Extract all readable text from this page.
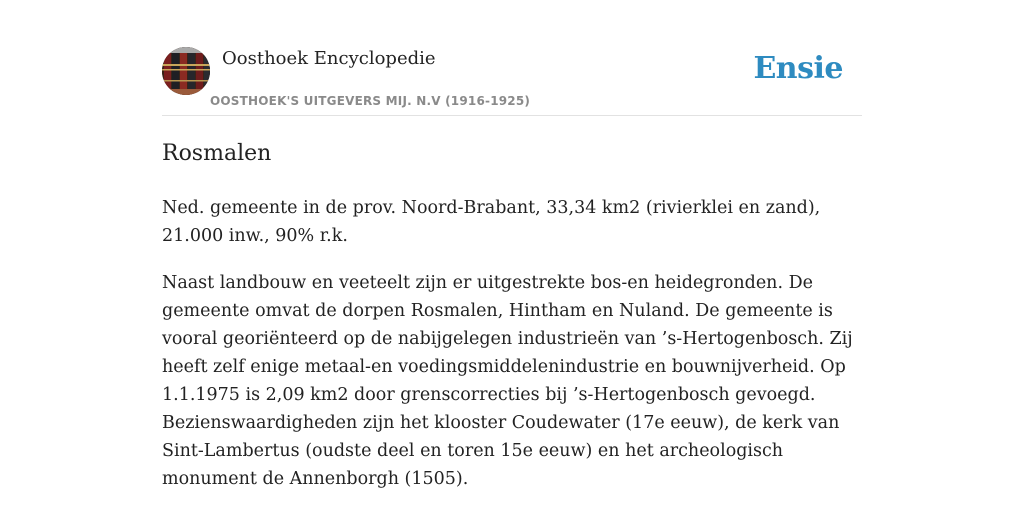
Oosthoek Encyclopedie
OOSTHOEK'S UITGEVERS MIJ. N.V (1916-1925)
Ensie
Rosmalen

Ned. gemeente in de prov. Noord-Brabant, 33,34 km2 (rivierklei en zand), 21.000 inw., 90% r.k.

Naast landbouw en veeteelt zijn er uitgestrekte bos-en heidegronden. De gemeente omvat de dorpen Rosmalen, Hintham en Nuland. De gemeente is vooral georiënteerd op de nabijgelegen industrieën van ’s-Hertogenbosch. Zij heeft zelf enige metaal-en voedingsmiddelenindustrie en bouwnijverheid. Op 1.1.1975 is 2,09 km2 door grenscorrecties bij ’s-Hertogenbosch gevoegd. Bezienswaardigheden zijn het klooster Coudewater (17e eeuw), de kerk van Sint-Lambertus (oudste deel en toren 15e eeuw) en het archeologisch monument de Annenborgh (1505).
